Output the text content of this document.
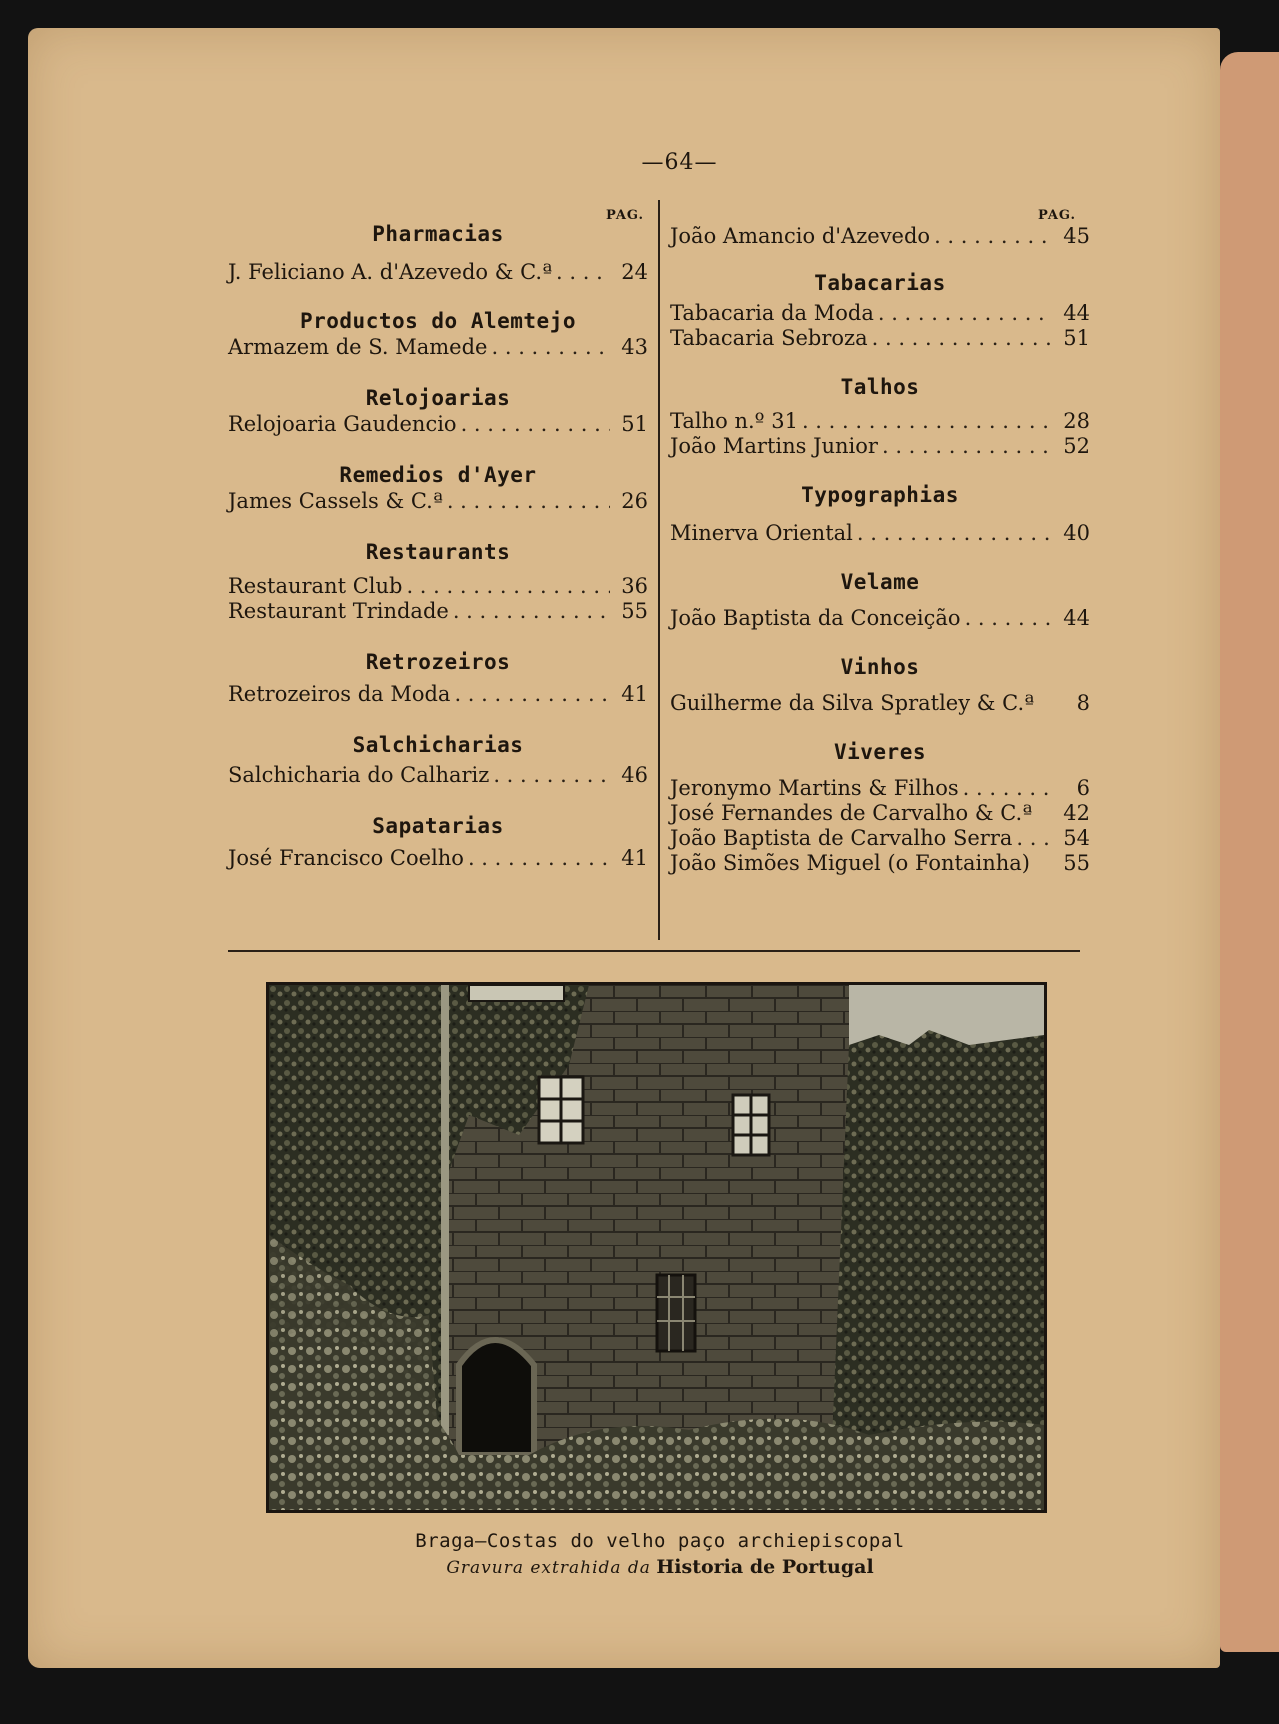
—64—
PAG.	PAG.
Pharmacias
J. Feliciano A. d'Azevedo & C.ª . . .	24
Productos do Alemtejo
Armazem de S. Mamede . . .	43
Relojoarias
Relojoaria Gaudencio . . .	51
Remedios d'Ayer
James Cassels & C.ª . . .	26
Restaurants
Restaurant Club . . .	36
Restaurant Trindade . . .	55
Retrozeiros
Retrozeiros da Moda . . .	41
Salchicharias
Salchicharia do Calhariz . . .	46
Sapatarias
José Francisco Coelho . . .	41
João Amancio d'Azevedo . . .	45
Tabacarias
Tabacaria da Moda . . .	44
Tabacaria Sebroza . . .	51
Talhos
Talho n.º 31 . . .	28
João Martins Junior . . .	52
Typographias
Minerva Oriental . . .	40
Velame
João Baptista da Conceição . . .	44
Vinhos
Guilherme da Silva Spratley & C.ª	8
Viveres
Jeronymo Martins & Filhos . . .	6
José Fernandes de Carvalho & C.ª	42
João Baptista de Carvalho Serra . . .	54
João Simões Miguel (o Fontainha)	55
Braga—Costas do velho paço archiepiscopal
Gravura extrahida da Historia de Portugal
